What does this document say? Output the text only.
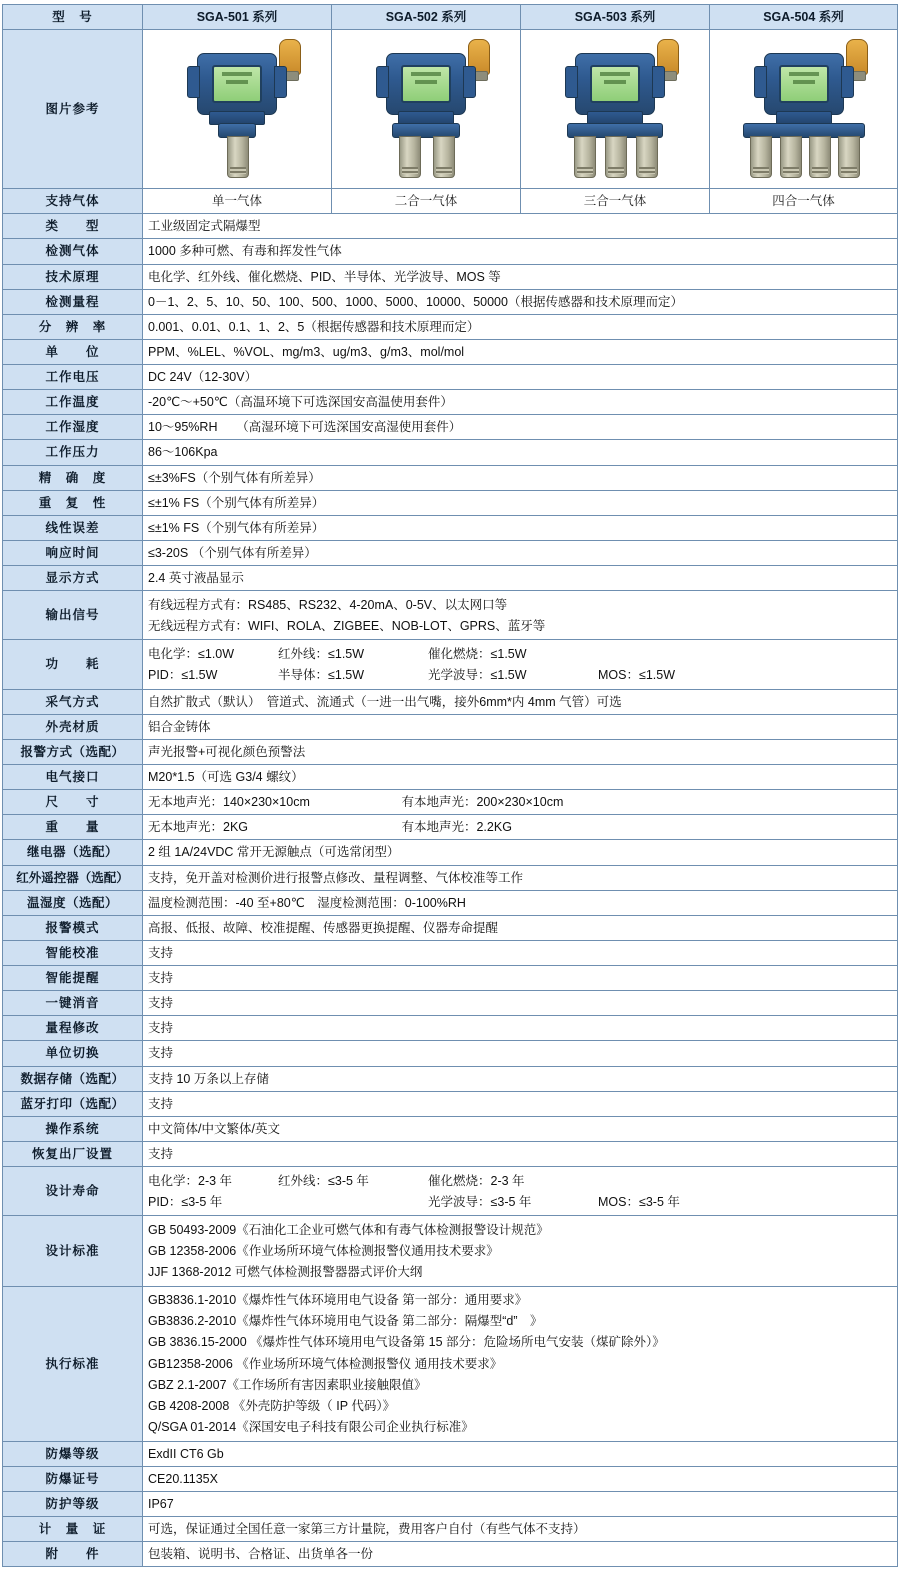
型　号	SGA-501 系列	SGA-502 系列	SGA-503 系列	SGA-504 系列
图片参考	

支持气体	单一气体	二合一气体	三合一气体	四合一气体
类　　型	工业级固定式隔爆型			
检测气体	1000 多种可燃、有毒和挥发性气体			
技术原理	电化学、红外线、催化燃烧、PID、半导体、光学波导、MOS 等			
检测量程	0－1、2、5、10、50、100、500、1000、5000、10000、50000（根据传感器和技术原理而定）			
分　辨　率	0.001、0.01、0.1、1、2、5（根据传感器和技术原理而定）			
单　　位	PPM、%LEL、%VOL、mg/m3、ug/m3、g/m3、mol/mol			
工作电压	DC 24V（12-30V）			
工作温度	-20℃～+50℃（高温环境下可选深国安高温使用套件）			
工作湿度	10～95%RH　　（高湿环境下可选深国安高湿使用套件）			
工作压力	86～106Kpa			
精　确　度	≤±3%FS（个别气体有所差异）			
重　复　性	≤±1% FS（个别气体有所差异）			
线性误差	≤±1% FS（个别气体有所差异）			
响应时间	≤3-20S （个别气体有所差异）			
显示方式	2.4 英寸液晶显示			
输出信号	有线远程方式有：RS485、RS232、4-20mA、0-5V、以太网口等
无线远程方式有：WIFI、ROLA、ZIGBEE、NOB-LOT、GPRS、蓝牙等			

功　　耗	
电化学：≤1.0W	红外线：≤1.5W	催化燃烧：≤1.5W
PID：≤1.5W	半导体：≤1.5W	光学波导：≤1.5W	MOS：≤1.5W

采气方式	自然扩散式（默认）　管道式、流通式（一进一出气嘴，接外6mm*内 4mm 气管）可选			
外壳材质	铝合金铸体			
报警方式（选配）	声光报警+可视化颜色预警法			
电气接口	M20*1.5（可选 G3/4 螺纹）			
尺　　寸	无本地声光：140×230×10cm 有本地声光：200×230×10cm			
重　　量	无本地声光：2KG 有本地声光：2.2KG			
继电器（选配）	2 组 1A/24VDC 常开无源触点（可选常闭型）			
红外遥控器（选配）	支持，免开盖对检测价进行报警点修改、量程调整、气体校准等工作			
温湿度（选配）	温度检测范围：-40 至+80℃　湿度检测范围：0-100%RH			
报警模式	高报、低报、故障、校准提醒、传感器更换提醒、仪器寿命提醒			
智能校准	支持			
智能提醒	支持			
一键消音	支持			
量程修改	支持			
单位切换	支持			
数据存储（选配）	支持 10 万条以上存储			
蓝牙打印（选配）	支持			
操作系统	中文简体/中文繁体/英文			
恢复出厂设置	支持			
设计寿命	
电化学：2-3 年	红外线：≤3-5 年	催化燃烧：2-3 年
PID：≤3-5 年	光学波导：≤3-5 年	MOS：≤3-5 年

设计标准	GB 50493-2009《石油化工企业可燃气体和有毒气体检测报警设计规范》
GB 12358-2006《作业场所环境气体检测报警仪通用技术要求》
JJF 1368-2012 可燃气体检测报警器器式评价大纲			

执行标准	
GB3836.1-2010《爆炸性气体环境用电气设备 第一部分：通用要求》
GB3836.2-2010《爆炸性气体环境用电气设备 第二部分：隔爆型“d”　》
GB 3836.15-2000 《爆炸性气体环境用电气设备第 15 部分：危险场所电气安装（煤矿除外）》
GB12358-2006 《作业场所环境气体检测报警仪 通用技术要求》
GBZ 2.1-2007《工作场所有害因素职业接触限值》
GB 4208-2008 《外壳防护等级（ IP 代码）》
Q/SGA 01-2014《深国安电子科技有限公司企业执行标准》

防爆等级	ExdII CT6 Gb			
防爆证号	CE20.1135X			
防护等级	IP67			
计　量　证	可选，保证通过全国任意一家第三方计量院，费用客户自付（有些气体不支持）			
附　　件	包装箱、说明书、合格证、出货单各一份			
